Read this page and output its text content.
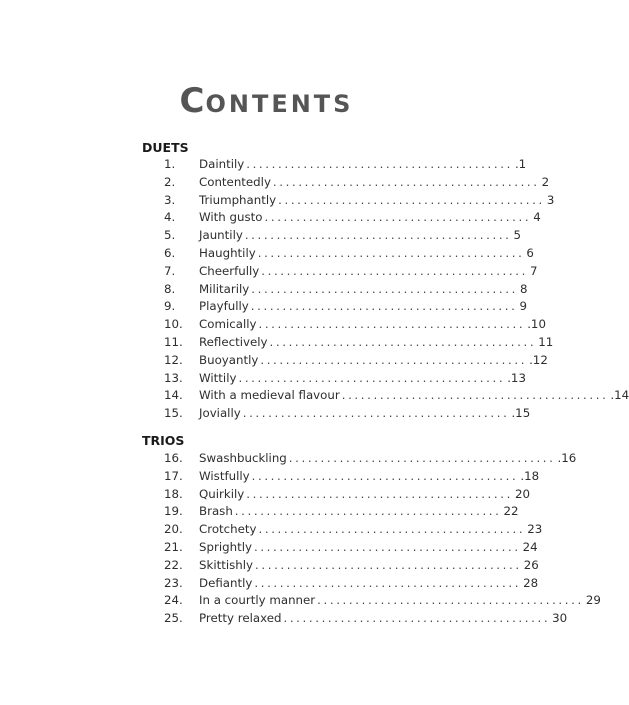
CONTENTS
DUETS
1.	Daintily .......................................... .1
2.	Contentedly .......................................... 2
3.	Triumphantly .......................................... 3
4.	With gusto .......................................... 4
5.	Jauntily .......................................... 5
6.	Haughtily .......................................... 6
7.	Cheerfully .......................................... 7
8.	Militarily .......................................... 8
9.	Playfully .......................................... 9
10.	Comically .......................................... .10
11.	Reflectively .......................................... 11
12.	Buoyantly .......................................... .12
13.	Wittily .......................................... .13
14.	With a medieval flavour .......................................... .14
15.	Jovially .......................................... .15
TRIOS
16.	Swashbuckling .......................................... .16
17.	Wistfully .......................................... .18
18.	Quirkily .......................................... 20
19.	Brash .......................................... 22
20.	Crotchety .......................................... 23
21.	Sprightly .......................................... 24
22.	Skittishly .......................................... 26
23.	Defiantly .......................................... 28
24.	In a courtly manner .......................................... 29
25.	Pretty relaxed .......................................... 30
